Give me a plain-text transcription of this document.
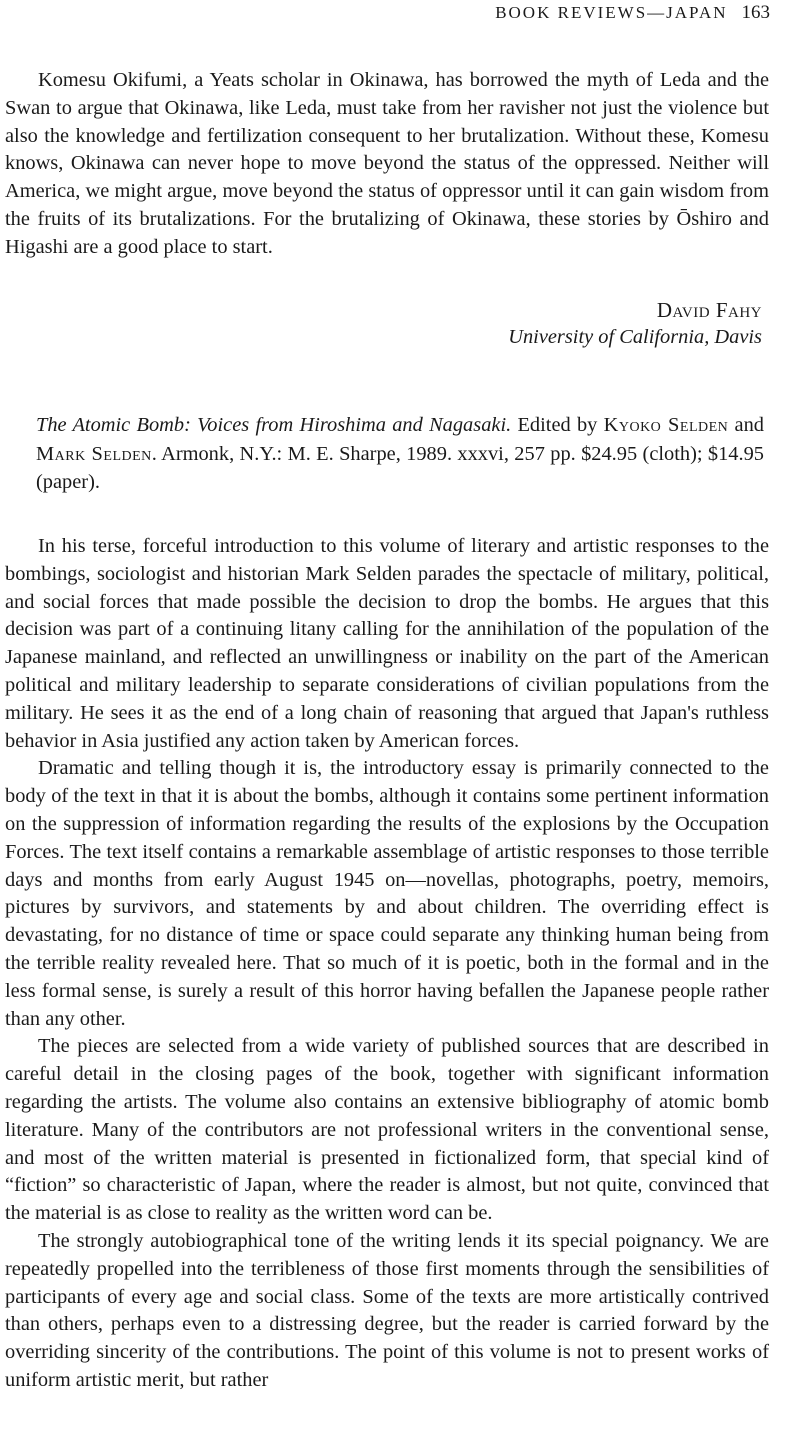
BOOK REVIEWS—JAPAN 163

Komesu Okifumi, a Yeats scholar in Okinawa, has borrowed the myth of Leda and the Swan to argue that Okinawa, like Leda, must take from her ravisher not just the violence but also the knowledge and fertilization consequent to her brutalization. Without these, Komesu knows, Okinawa can never hope to move beyond the status of the oppressed. Neither will America, we might argue, move beyond the status of oppressor until it can gain wisdom from the fruits of its brutalizations. For the brutalizing of Okinawa, these stories by Ōshiro and Higashi are a good place to start.

David Fahy
University of California, Davis
The Atomic Bomb: Voices from Hiroshima and Nagasaki. Edited by Kyoko Selden and Mark Selden. Armonk, N.Y.: M. E. Sharpe, 1989. xxxvi, 257 pp. $24.95 (cloth); $14.95 (paper).

In his terse, forceful introduction to this volume of literary and artistic responses to the bombings, sociologist and historian Mark Selden parades the spectacle of military, political, and social forces that made possible the decision to drop the bombs. He argues that this decision was part of a continuing litany calling for the annihilation of the population of the Japanese mainland, and reflected an unwillingness or inability on the part of the American political and military leadership to separate considerations of civilian populations from the military. He sees it as the end of a long chain of reasoning that argued that Japan's ruthless behavior in Asia justified any action taken by American forces.

Dramatic and telling though it is, the introductory essay is primarily connected to the body of the text in that it is about the bombs, although it contains some pertinent information on the suppression of information regarding the results of the explosions by the Occupation Forces. The text itself contains a remarkable assemblage of artistic responses to those terrible days and months from early August 1945 on—novellas, photographs, poetry, memoirs, pictures by survivors, and statements by and about children. The overriding effect is devastating, for no distance of time or space could separate any thinking human being from the terrible reality revealed here. That so much of it is poetic, both in the formal and in the less formal sense, is surely a result of this horror having befallen the Japanese people rather than any other.

The pieces are selected from a wide variety of published sources that are described in careful detail in the closing pages of the book, together with significant information regarding the artists. The volume also contains an extensive bibliography of atomic bomb literature. Many of the contributors are not professional writers in the conventional sense, and most of the written material is presented in fictionalized form, that special kind of “fiction” so characteristic of Japan, where the reader is almost, but not quite, convinced that the material is as close to reality as the written word can be.

The strongly autobiographical tone of the writing lends it its special poignancy. We are repeatedly propelled into the terribleness of those first moments through the sensibilities of participants of every age and social class. Some of the texts are more artistically contrived than others, perhaps even to a distressing degree, but the reader is carried forward by the overriding sincerity of the contributions. The point of this volume is not to present works of uniform artistic merit, but rather
